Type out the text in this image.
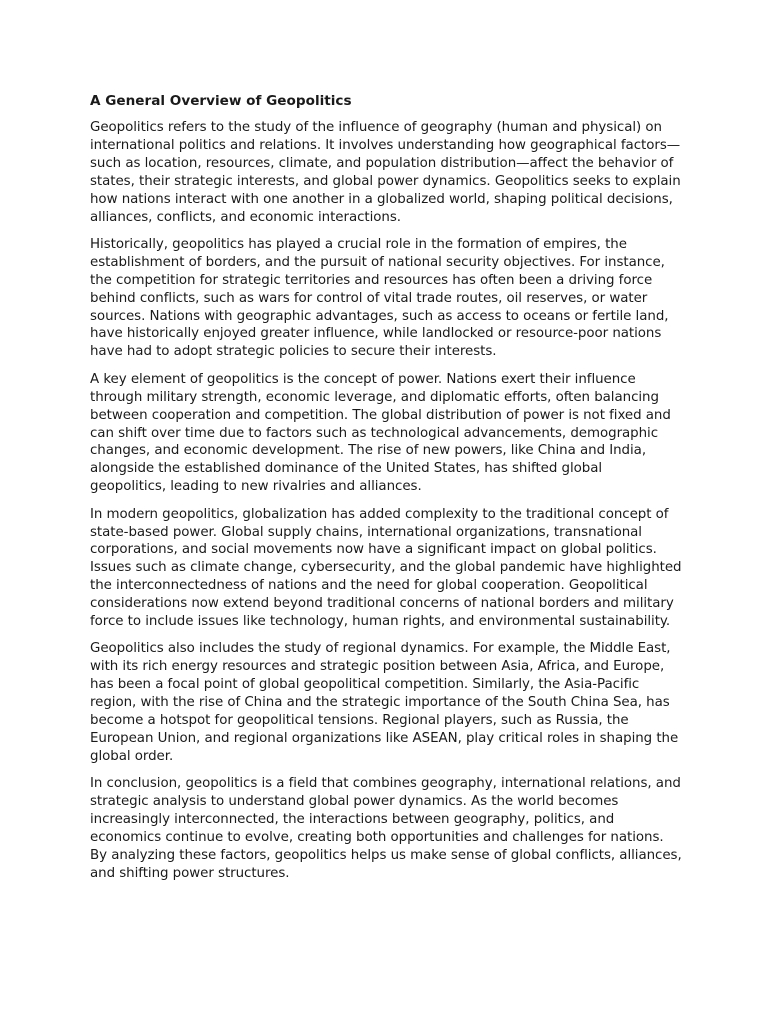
A General Overview of Geopolitics

Geopolitics refers to the study of the influence of geography (human and physical) on international politics and relations. It involves understanding how geographical factors—such as location, resources, climate, and population distribution—affect the behavior of states, their strategic interests, and global power dynamics. Geopolitics seeks to explain how nations interact with one another in a globalized world, shaping political decisions, alliances, conflicts, and economic interactions.

Historically, geopolitics has played a crucial role in the formation of empires, the establishment of borders, and the pursuit of national security objectives. For instance, the competition for strategic territories and resources has often been a driving force behind conflicts, such as wars for control of vital trade routes, oil reserves, or water sources. Nations with geographic advantages, such as access to oceans or fertile land, have historically enjoyed greater influence, while landlocked or resource-poor nations have had to adopt strategic policies to secure their interests.

A key element of geopolitics is the concept of power. Nations exert their influence through military strength, economic leverage, and diplomatic efforts, often balancing between cooperation and competition. The global distribution of power is not fixed and can shift over time due to factors such as technological advancements, demographic changes, and economic development. The rise of new powers, like China and India, alongside the established dominance of the United States, has shifted global geopolitics, leading to new rivalries and alliances.

In modern geopolitics, globalization has added complexity to the traditional concept of state-based power. Global supply chains, international organizations, transnational corporations, and social movements now have a significant impact on global politics. Issues such as climate change, cybersecurity, and the global pandemic have highlighted the interconnectedness of nations and the need for global cooperation. Geopolitical considerations now extend beyond traditional concerns of national borders and military force to include issues like technology, human rights, and environmental sustainability.

Geopolitics also includes the study of regional dynamics. For example, the Middle East, with its rich energy resources and strategic position between Asia, Africa, and Europe, has been a focal point of global geopolitical competition. Similarly, the Asia-Pacific region, with the rise of China and the strategic importance of the South China Sea, has become a hotspot for geopolitical tensions. Regional players, such as Russia, the European Union, and regional organizations like ASEAN, play critical roles in shaping the global order.

In conclusion, geopolitics is a field that combines geography, international relations, and strategic analysis to understand global power dynamics. As the world becomes increasingly interconnected, the interactions between geography, politics, and economics continue to evolve, creating both opportunities and challenges for nations. By analyzing these factors, geopolitics helps us make sense of global conflicts, alliances, and shifting power structures.
